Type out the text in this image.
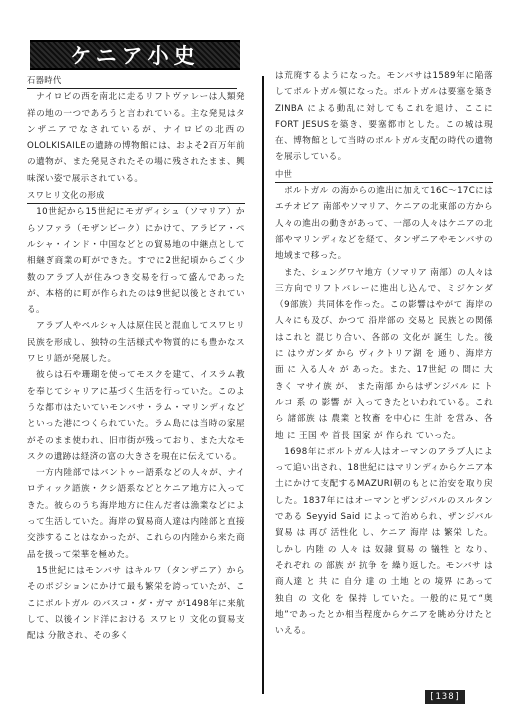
ケニア小史
石器時代

　ナイロビの西を南北に走るリフトヴァレーは人類発祥の地の一つであろうと言われている。主な発見はタンザニアでなされているが、ナイロビの北西のOLOLKISAILEの遺跡の博物館には、およそ2百万年前の遺物が、また発見されたその場に残されたまま、興味深い姿で展示されている。

スワヒリ文化の形成

　10世紀から15世紀にモガディシュ（ソマリア）からソファラ（モザンビーク）にかけて、アラビア・ペルシャ・インド・中国などとの貿易地の中継点として相継ぎ商業の町ができた。すでに2世紀頃からごく少数のアラブ人が住みつき交易を行って盛んであったが、本格的に町が作られたのは9世紀以後とされている。

　アラブ人やペルシャ人は原住民と混血してスワヒリ民族を形成し、独特の生活様式や物質的にも豊かなスワヒリ語が発展した。

　彼らは石や珊瑚を使ってモスクを建て、イスラム教を奉じてシャリアに基づく生活を行っていた。このような都市はたいていモンバサ・ラム・マリンディなどといった港につくられていた。ラム島には当時の家屋がそのまま使われ、旧市街が残っており、また大なモスクの遺跡は経済の富の大きさを現在に伝えている。

　一方内陸部ではバントゥー語系などの人々が、ナイロティック語族・クシ語系などとケニア地方に入ってきた。彼らのうち海岸地方に住んだ者は漁業などによって生活していた。海岸の貿易商人達は内陸部と直接交渉することはなかったが、これらの内陸から来た商品を扱って栄華を極めた。

　15世紀にはモンバサ はキルワ（タンザニア）からそのポジションにかけて最も繁栄を誇っていたが、ここにポルトガル のバスコ・ダ・ガマ が1498年に来航して、以後インド洋における スワヒリ 文化の貿易支配は 分散され、その多く

は荒廃するようになった。モンバサは1589年に陥落してポルトガル領になった。ポルトガルは要塞を築き ZINBA による動乱に対してもこれを退け、ここにFORT JESUSを築き、要塞都市とした。この城は現在、博物館として当時のポルトガル支配の時代の遺物を展示している。

中世

　ポルトガル の海からの進出に加えて16C〜17Cにはエチオピア 南部やソマリア、ケニアの北東部の方から人々の進出の動きがあって、一部の人々はケニアの北部やマリンディなどを経て、タンザニアやモンバサの地域まで移った。

　また、シュングワヤ地方（ソマリア 南部）の人々は三方向でリフトバレーに進出し込んで、ミジケンダ（9部族）共同体を作った。この影響はやがて 海岸の 人々にも及び、かつて 沿岸部の 交易と 民族との関係 はこれと 混じり合い、各部の 文化が 誕生 した。後に はウガンダ から ヴィクトリア湖 を 通り、海岸方面 に 入る人々 が あった。また、17世紀 の 間に 大きく マサイ族 が、 また南部 からはザンジバル に トルコ 系 の 影響 が 入ってきたといわれている。これら 諸部族 は 農業 と牧畜 を中心に 生計 を営み、各地 に 王国 や 首長 国家 が 作られ ていった。

　1698年にポルトガル人はオーマンのアラブ人によって追い出され、18世紀にはマリンディからケニア本土にかけて支配するMAZURI朝のもとに治安を取り戻した。1837年にはオーマンとザンジバルのスルタンである Seyyid Said によって治められ、ザンジバル 貿易 は 再び 活性化 し、ケニア 海岸 は 繁栄 した。しかし 内陸 の 人々 は 奴隷 貿易 の 犠牲 と なり、それぞれ の 部族 が 抗争 を 繰り返した。モンバサ は 商人達 と 共 に 自分 達 の 土地 との 境界 にあって 独自 の 文化 を 保持 していた。一般的に見て“奥地”であったとか相当程度からケニアを眺め分けたといえる。

[138]
